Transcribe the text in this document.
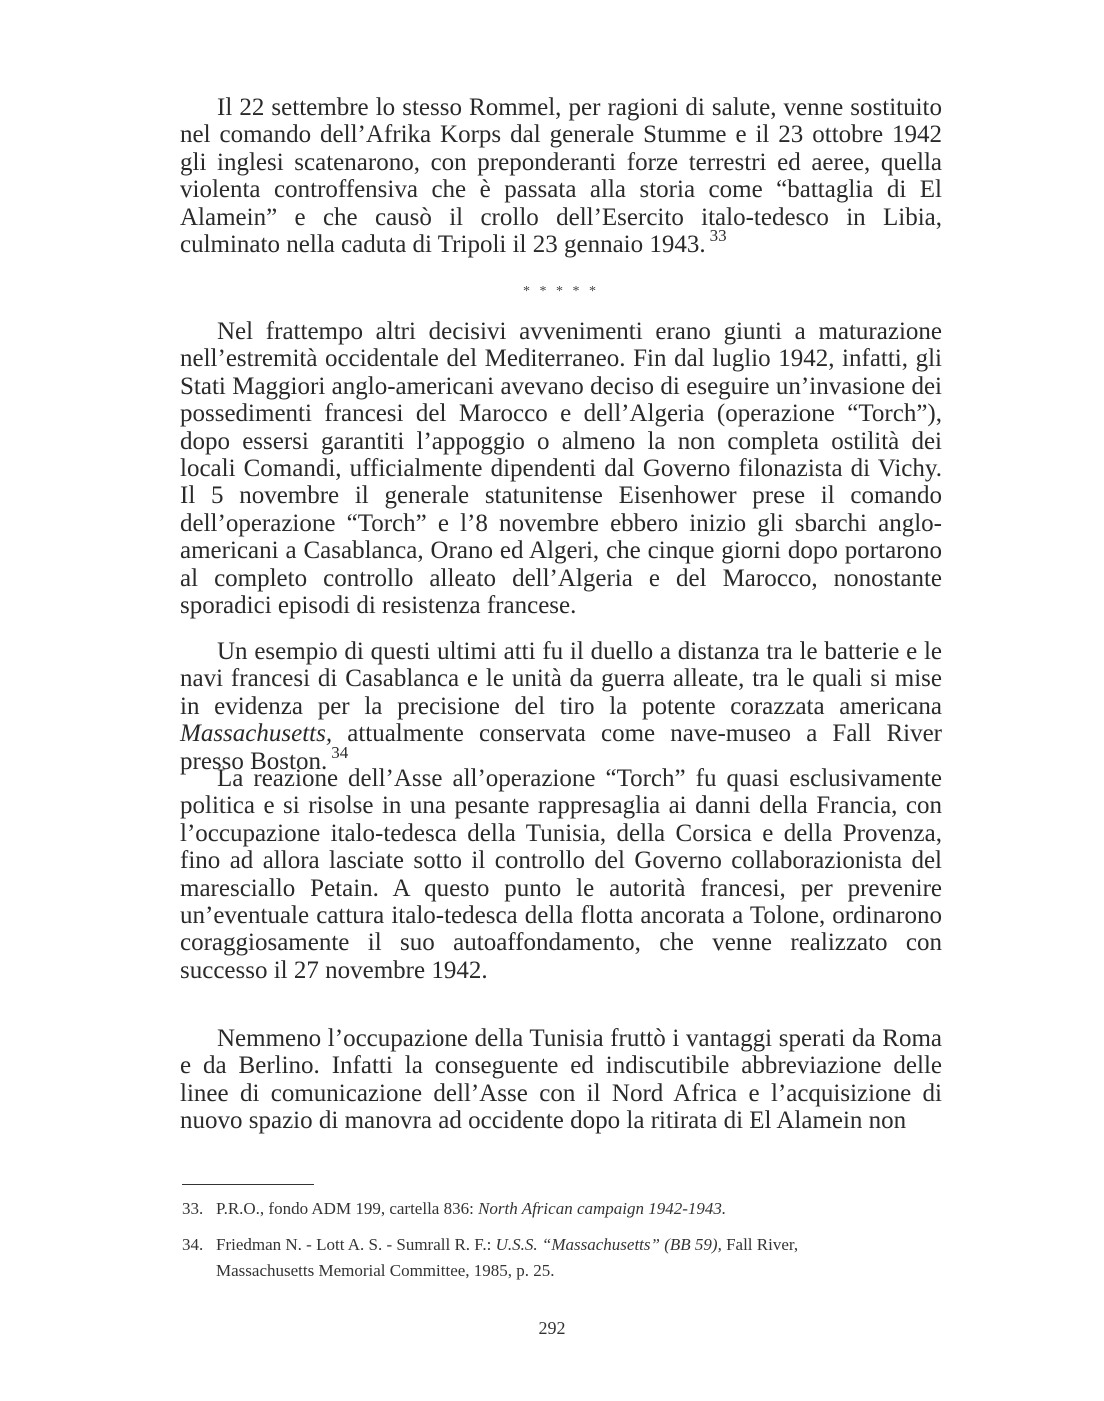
Il 22 settembre lo stesso Rommel, per ragioni di salute, venne sostituito nel comando dell’Afrika Korps dal generale Stumme e il 23 ottobre 1942 gli inglesi scatenarono, con preponderanti forze terrestri ed aeree, quella violenta controffensiva che è passata alla storia come “battaglia di El Alamein” e che causò il crollo dell’Esercito italo-tedesco in Libia, culminato nella caduta di Tripoli il 23 gennaio 1943. $^{33}$

* * * * *

Nel frattempo altri decisivi avvenimenti erano giunti a maturazione nell’estremità occidentale del Mediterraneo. Fin dal luglio 1942, infatti, gli Stati Maggiori anglo-americani avevano deciso di eseguire un’invasione dei possedimenti francesi del Marocco e dell’Algeria (operazione “Torch”), dopo essersi garantiti l’appoggio o almeno la non completa ostilità dei locali Comandi, ufficialmente dipendenti dal Governo filonazista di Vichy. Il 5 novembre il generale statunitense Eisenhower prese il comando dell’operazione “Torch” e l’8 novembre ebbero inizio gli sbarchi anglo-americani a Casablanca, Orano ed Algeri, che cinque giorni dopo portarono al completo controllo alleato dell’Algeria e del Marocco, nonostante sporadici episodi di resistenza francese.

Un esempio di questi ultimi atti fu il duello a distanza tra le batterie e le navi francesi di Casablanca e le unità da guerra alleate, tra le quali si mise in evidenza per la precisione del tiro la potente corazzata americana Massachusetts, attualmente conservata come nave-museo a Fall River presso Boston. $^{34}$

La reazione dell’Asse all’operazione “Torch” fu quasi esclusivamente politica e si risolse in una pesante rappresaglia ai danni della Francia, con l’occupazione italo-tedesca della Tunisia, della Corsica e della Provenza, fino ad allora lasciate sotto il controllo del Governo collaborazionista del maresciallo Petain. A questo punto le autorità francesi, per prevenire un’eventuale cattura italo-tedesca della flotta ancorata a Tolone, ordinarono coraggiosamente il suo autoaffondamento, che venne realizzato con successo il 27 novembre 1942.

Nemmeno l’occupazione della Tunisia fruttò i vantaggi sperati da Roma e da Berlino. Infatti la conseguente ed indiscutibile abbreviazione delle linee di comunicazione dell’Asse con il Nord Africa e l’acquisizione di nuovo spazio di manovra ad occidente dopo la ritirata di El Alamein non

33. P.R.O., fondo ADM 199, cartella 836: North African campaign 1942-1943.
34. Friedman N. - Lott A. S. - Sumrall R. F.: U.S.S. “Massachusetts” (BB 59), Fall River,
Massachusetts Memorial Committee, 1985, p. 25.
292
